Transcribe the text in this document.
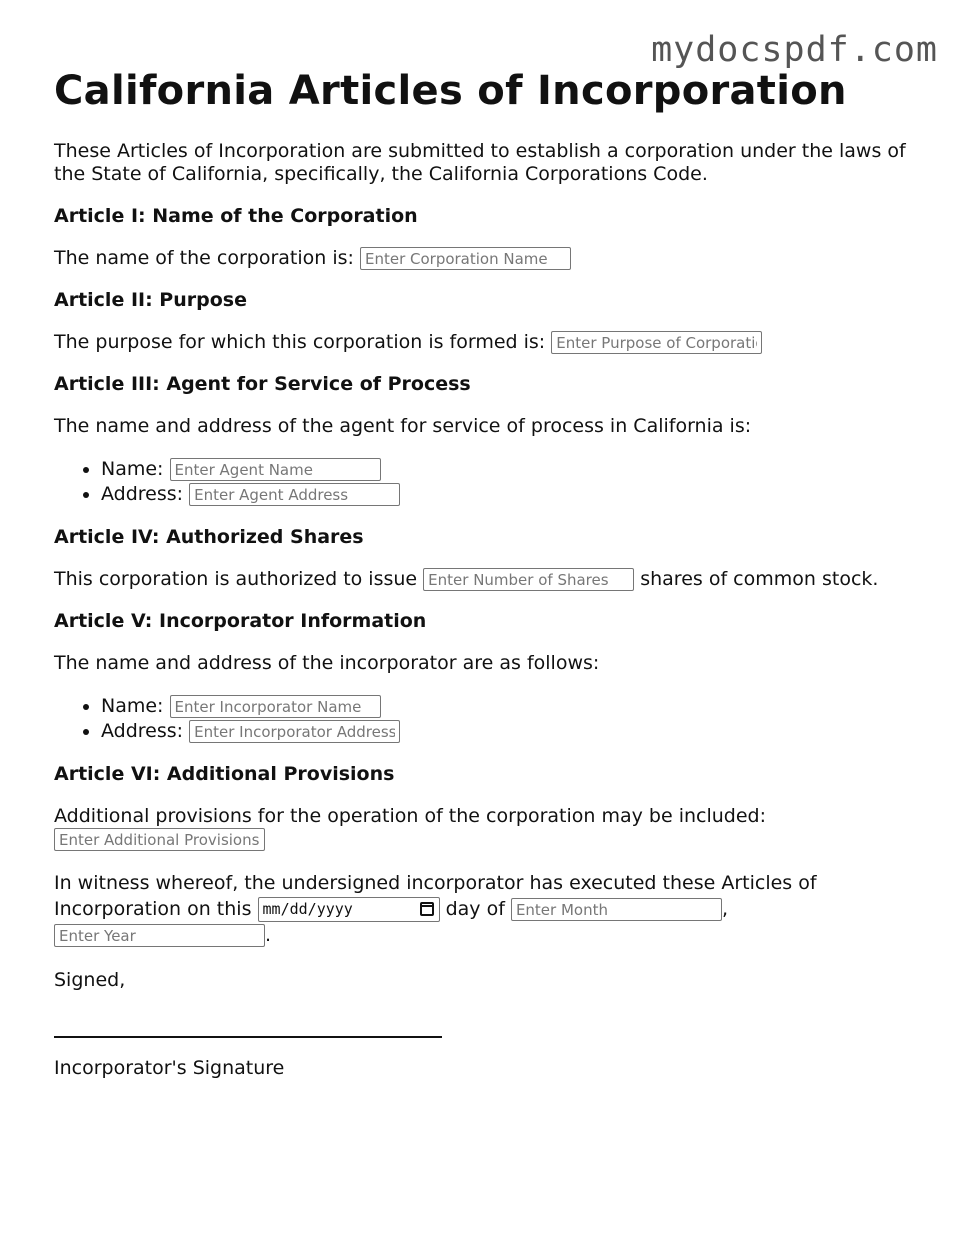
mydocspdf.com
California Articles of Incorporation

These Articles of Incorporation are submitted to establish a corporation under the laws of the State of California, specifically, the California Corporations Code.

Article I: Name of the Corporation

The name of the corporation is: Enter Corporation Name

Article II: Purpose

The purpose for which this corporation is formed is: Enter Purpose of Corporation

Article III: Agent for Service of Process

The name and address of the agent for service of process in California is:

• Name: Enter Agent Name
• Address: Enter Agent Address
Article IV: Authorized Shares

This corporation is authorized to issue Enter Number of Shares	shares of common stock.

Article V: Incorporator Information

The name and address of the incorporator are as follows:

• Name: Enter Incorporator Name
• Address: Enter Incorporator Address
Article VI: Additional Provisions

Additional provisions for the operation of the corporation may be included:

Enter Additional Provisions

In witness whereof, the undersigned incorporator has executed these Articles of Incorporation on this mm/dd/yyyy	day of Enter Month	,
Enter Year.

Signed,

Incorporator's Signature
